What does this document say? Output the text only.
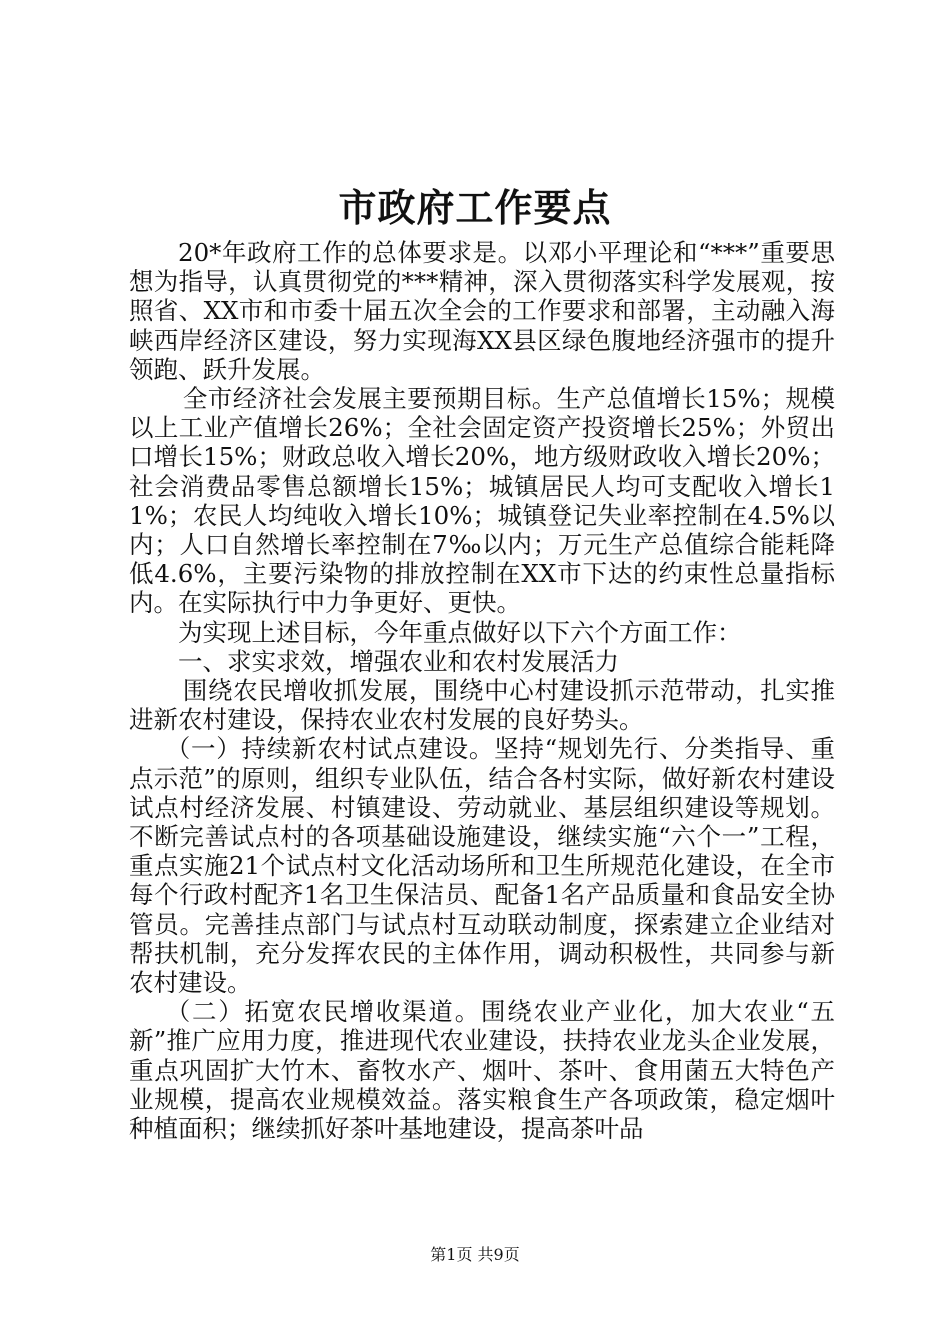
市政府工作要点

20*年政府工作的总体要求是。以邓小平理论和“***”重要思想为指导，认真贯彻党的***精神，深入贯彻落实科学发展观，按照省、XX市和市委十届五次全会的工作要求和部署，主动融入海峡西岸经济区建设，努力实现海XX县区绿色腹地经济强市的提升领跑、跃升发展。

全市经济社会发展主要预期目标。生产总值增长15%；规模以上工业产值增长26%；全社会固定资产投资增长25%；外贸出口增长15%；财政总收入增长20%，地方级财政收入增长20%；社会消费品零售总额增长15%；城镇居民人均可支配收入增长11%；农民人均纯收入增长10%；城镇登记失业率控制在4.5%以内；人口自然增长率控制在7‰以内；万元生产总值综合能耗降低4.6%，主要污染物的排放控制在XX市下达的约束性总量指标内。在实际执行中力争更好、更快。

为实现上述目标，今年重点做好以下六个方面工作：

一、求实求效，增强农业和农村发展活力

围绕农民增收抓发展，围绕中心村建设抓示范带动，扎实推进新农村建设，保持农业农村发展的良好势头。

（一）持续新农村试点建设。坚持“规划先行、分类指导、重点示范”的原则，组织专业队伍，结合各村实际，做好新农村建设试点村经济发展、村镇建设、劳动就业、基层组织建设等规划。不断完善试点村的各项基础设施建设，继续实施“六个一”工程，重点实施21个试点村文化活动场所和卫生所规范化建设，在全市每个行政村配齐1名卫生保洁员、配备1名产品质量和食品安全协管员。完善挂点部门与试点村互动联动制度，探索建立企业结对帮扶机制，充分发挥农民的主体作用，调动积极性，共同参与新农村建设。

（二）拓宽农民增收渠道。围绕农业产业化，加大农业“五新”推广应用力度，推进现代农业建设，扶持农业龙头企业发展，重点巩固扩大竹木、畜牧水产、烟叶、茶叶、食用菌五大特色产业规模，提高农业规模效益。落实粮食生产各项政策，稳定烟叶种植面积；继续抓好茶叶基地建设，提高茶叶品

第1页 共9页
